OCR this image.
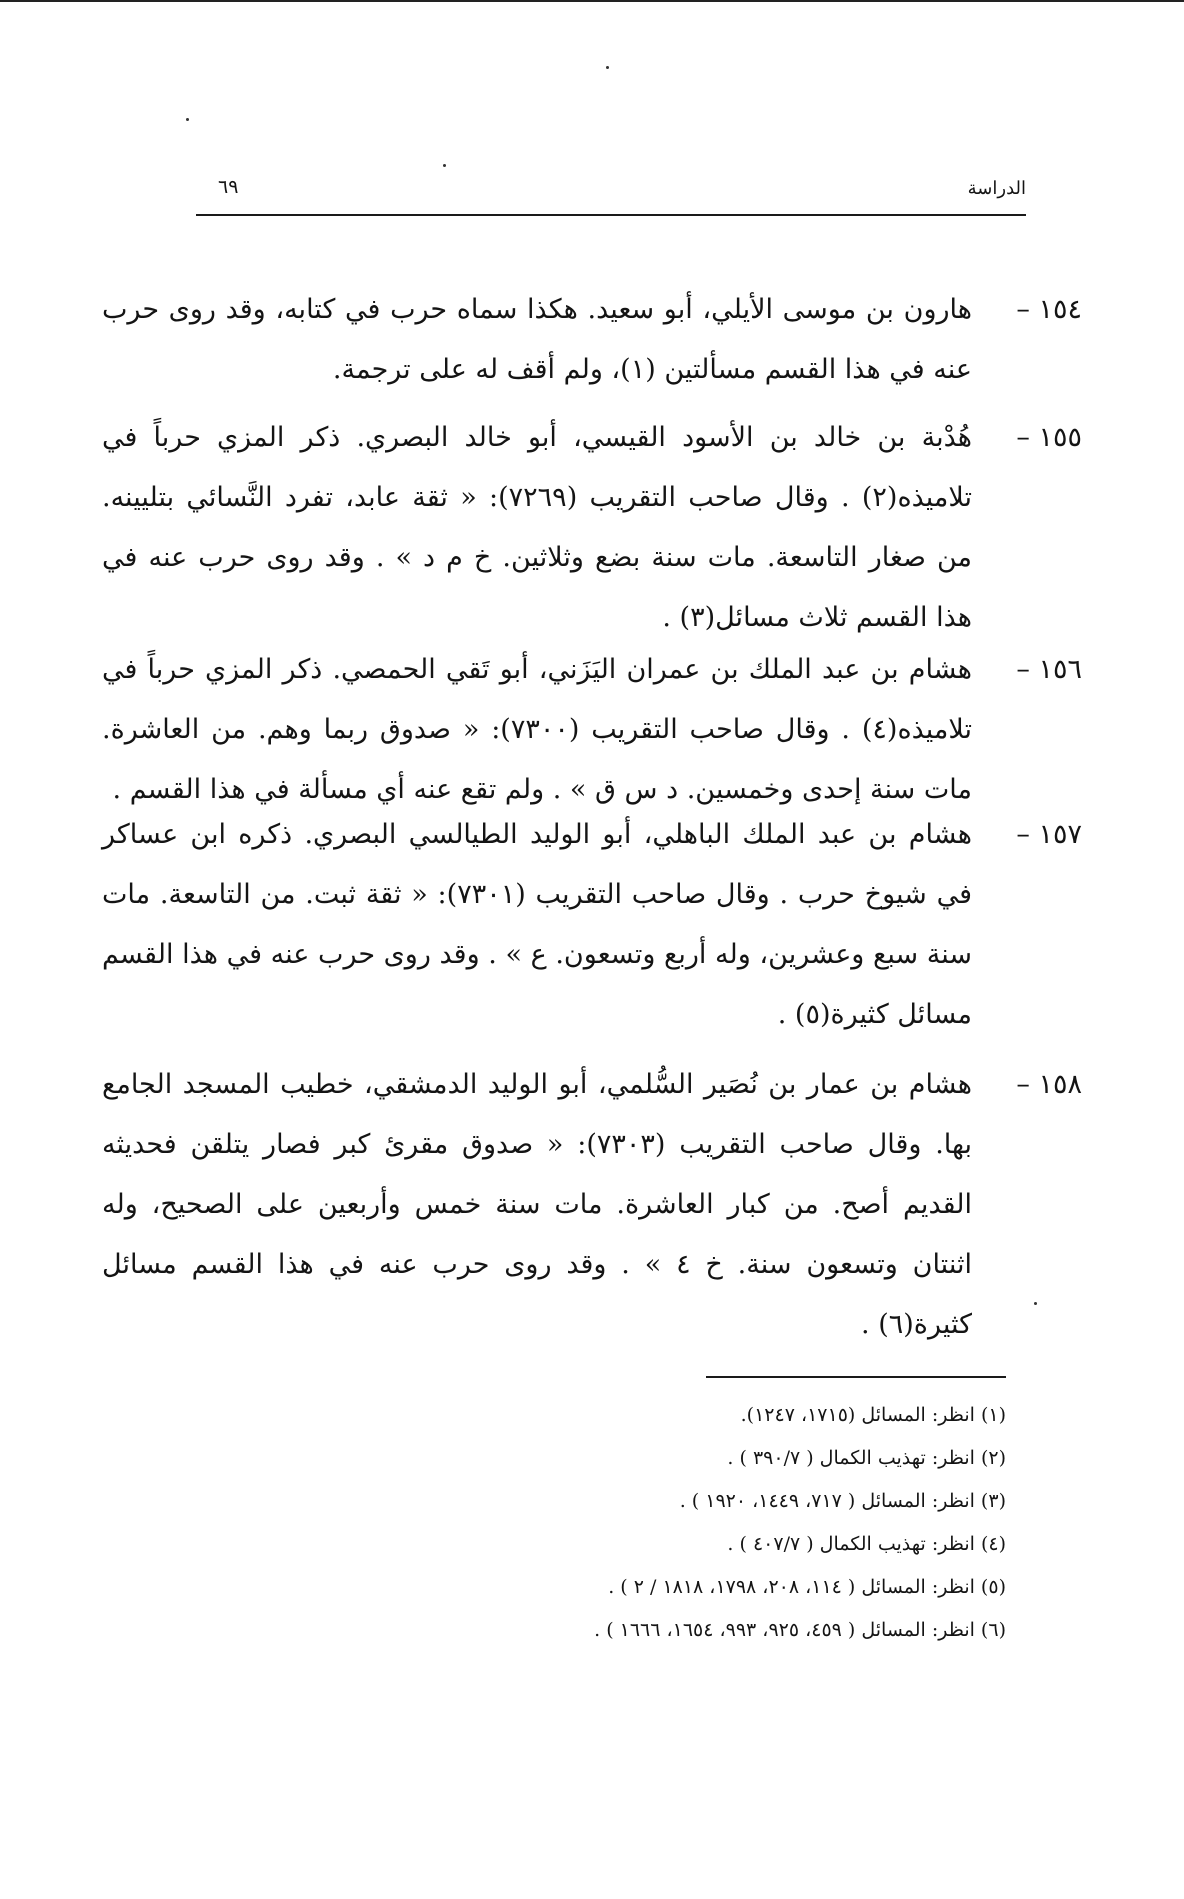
الدراسة
٦٩
١٥٤ –
هارون بن موسى الأيلي، أبو سعيد. هكذا سماه حرب في كتابه، وقد روى حرب عنه في هذا القسم مسألتين (١)، ولم أقف له على ترجمة.
١٥٥ –
هُدْبة بن خالد بن الأسود القيسي، أبو خالد البصري. ذكر المزي حرباً في تلاميذه(٢) . وقال صاحب التقريب (٧٢٦٩): « ثقة عابد، تفرد النَّسائي بتليينه. من صغار التاسعة. مات سنة بضع وثلاثين. خ م د » . وقد روى حرب عنه في هذا القسم ثلاث مسائل(٣) .
١٥٦ –
هشام بن عبد الملك بن عمران اليَزَني، أبو تَقي الحمصي. ذكر المزي حرباً في تلاميذه(٤) . وقال صاحب التقريب (٧٣٠٠): « صدوق ربما وهم. من العاشرة. مات سنة إحدى وخمسين. د س ق » . ولم تقع عنه أي مسألة في هذا القسم .
١٥٧ –
هشام بن عبد الملك الباهلي، أبو الوليد الطيالسي البصري. ذكره ابن عساكر في شيوخ حرب . وقال صاحب التقريب (٧٣٠١): « ثقة ثبت. من التاسعة. مات سنة سبع وعشرين، وله أربع وتسعون. ع » . وقد روى حرب عنه في هذا القسم مسائل كثيرة(٥) .
١٥٨ –
هشام بن عمار بن نُصَير السُّلمي، أبو الوليد الدمشقي، خطيب المسجد الجامع بها. وقال صاحب التقريب (٧٣٠٣): « صدوق مقرئ كبر فصار يتلقن فحديثه القديم أصح. من كبار العاشرة. مات سنة خمس وأربعين على الصحيح، وله اثنتان وتسعون سنة. خ ٤ » . وقد روى حرب عنه في هذا القسم مسائل كثيرة(٦) .
(١) انظر: المسائل (١٧١٥، ١٢٤٧).
(٢) انظر: تهذيب الكمال ( ٣٩٠/٧ ) .
(٣) انظر: المسائل ( ٧١٧، ١٤٤٩، ١٩٢٠ ) .
(٤) انظر: تهذيب الكمال ( ٤٠٧/٧ ) .
(٥) انظر: المسائل ( ١١٤، ٢٠٨، ١٧٩٨، ١٨١٨ / ٢ ) .
(٦) انظر: المسائل ( ٤٥٩، ٩٢٥، ٩٩٣، ١٦٥٤، ١٦٦٦ ) .
